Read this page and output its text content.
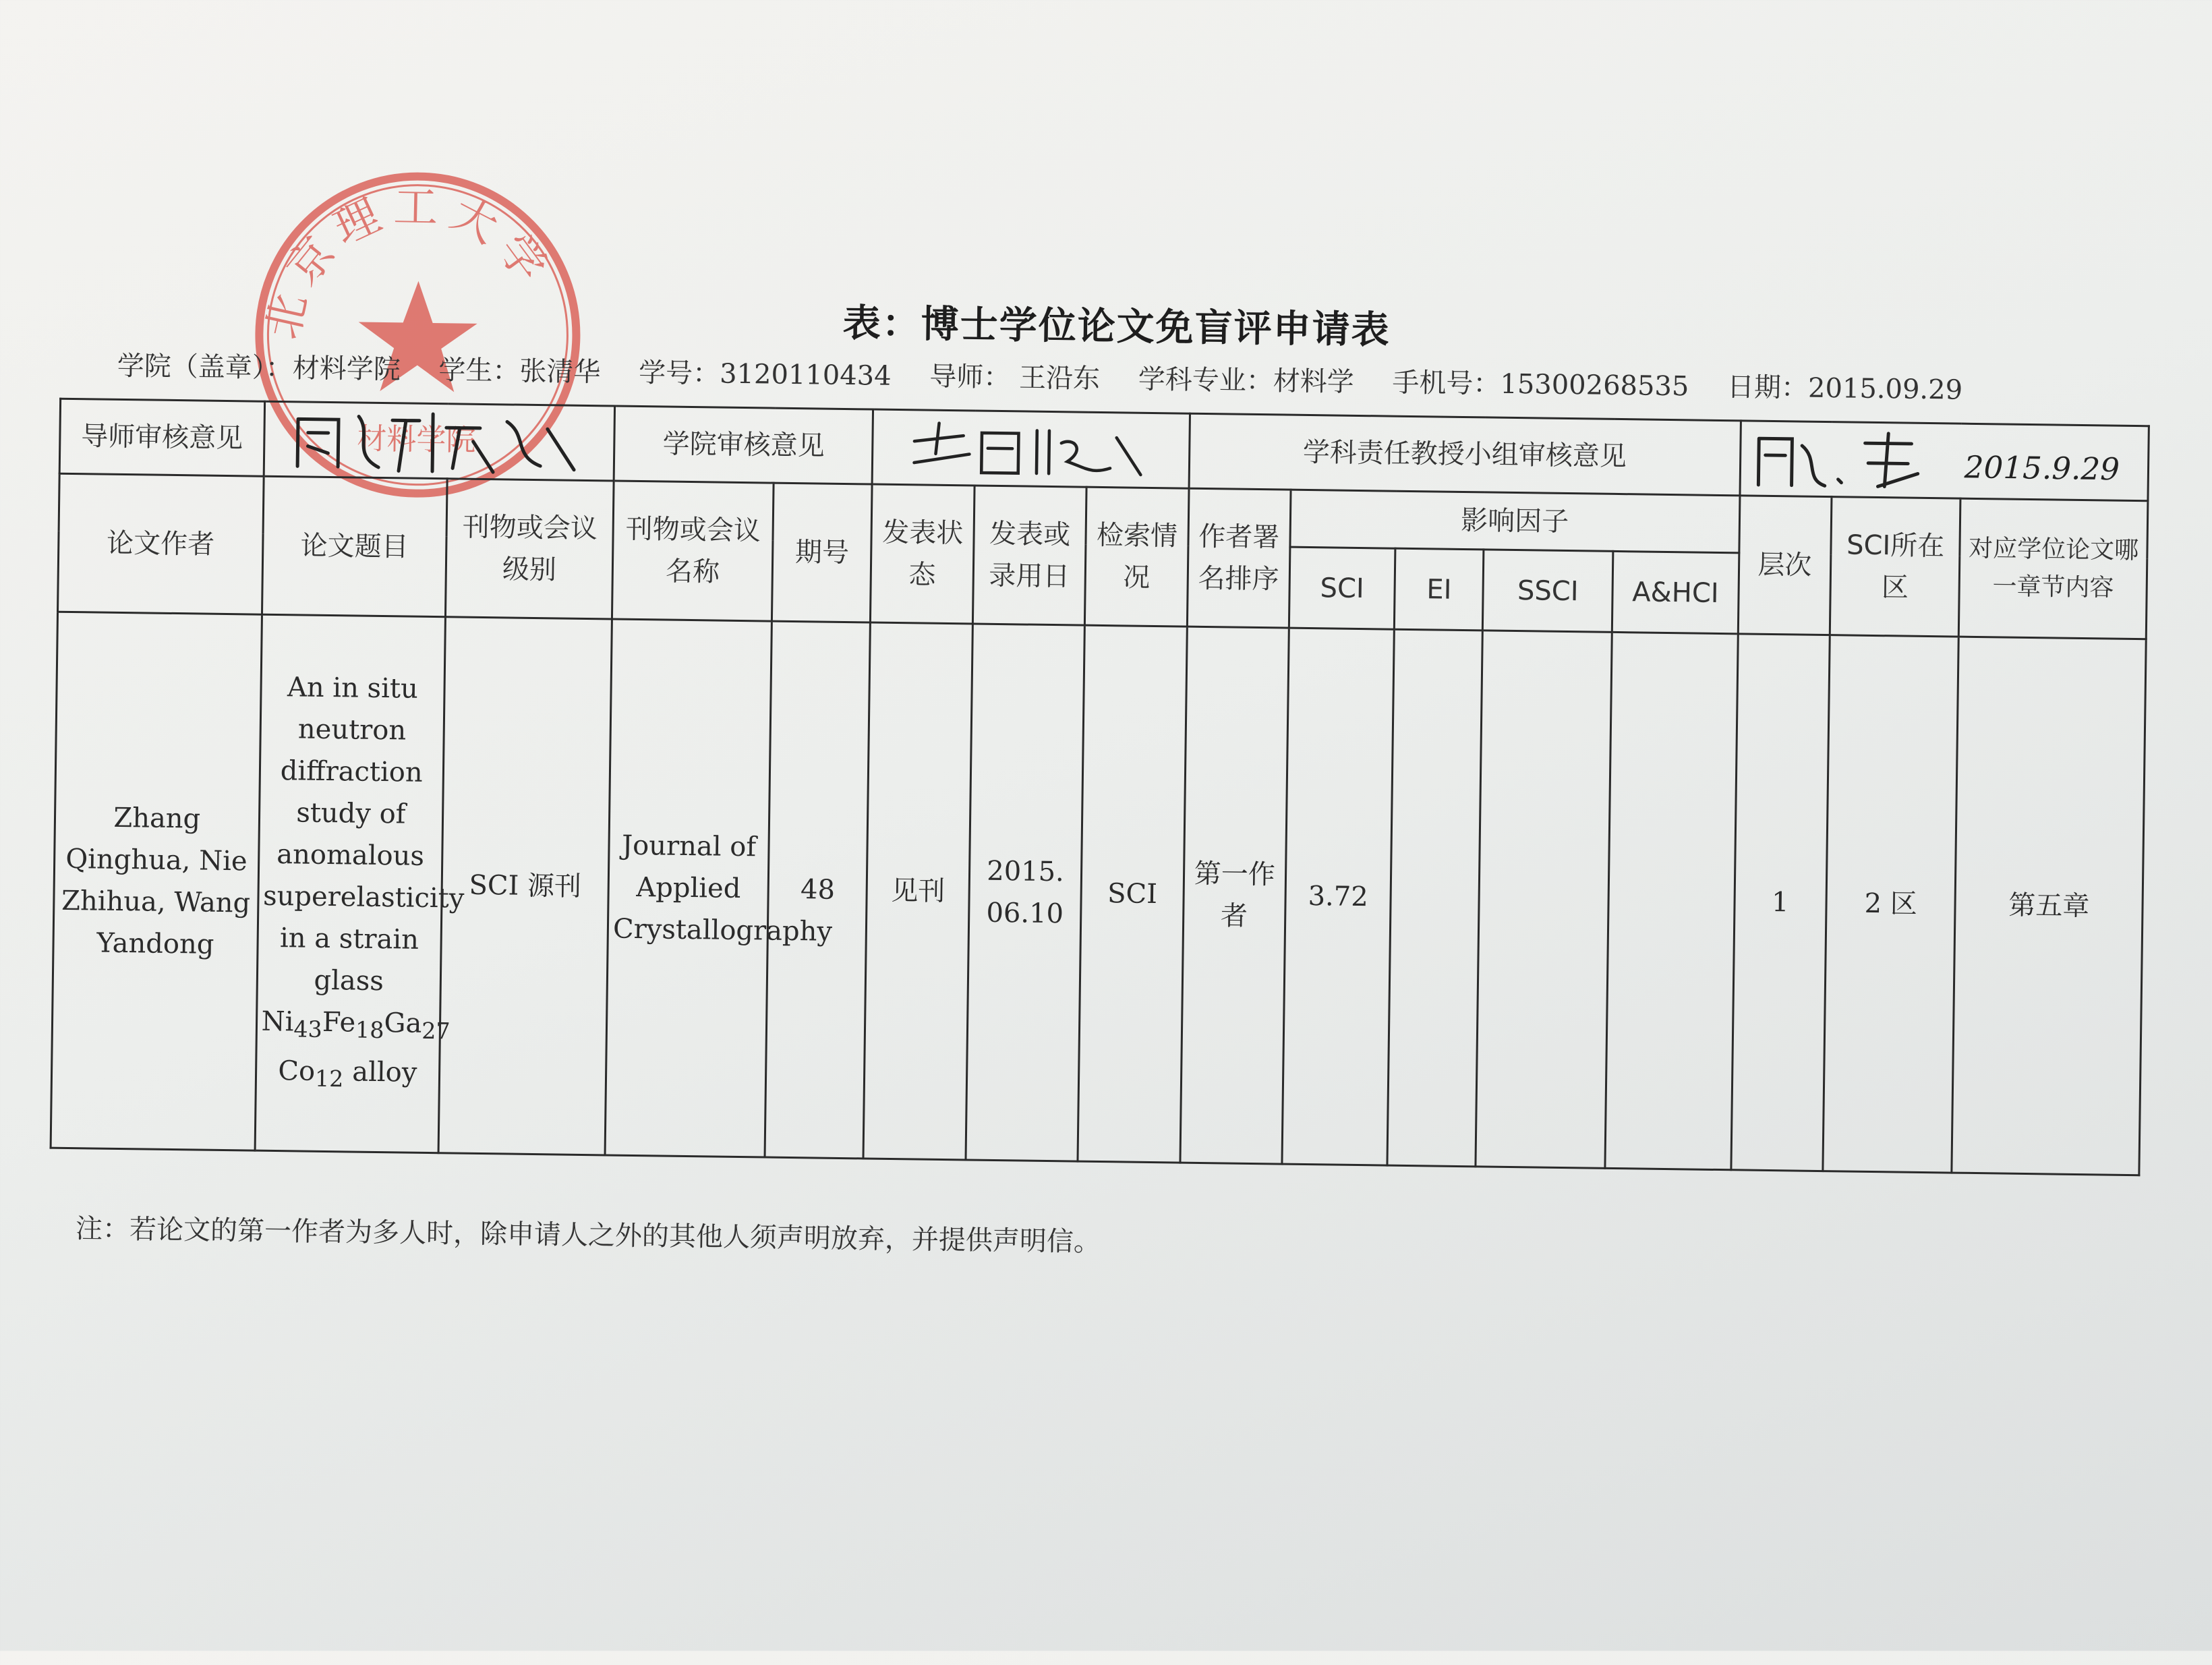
北京理工大学
材料学院
表：博士学位论文免盲评申请表
学院（盖章）：材料学院 学生：张清华 学号：3120110434 导师： 王沿东 学科专业：材料学 手机号：15300268535 日期：2015.09.29
导师审核意见			学院审核意见					学科责任教授小组审核意见					2015.9.29		

论文作者	论文题目	刊物或会议级别	刊物或会议名称	期号	发表状态	发表或录用日	检索情况	作者署名排序	影响因子				层次	SCI所在区	对应学位论文哪一章节内容
									SCI	EI	SSCI	A&HCI			
Zhang Qinghua, Nie Zhihua, Wang Yandong	An in situ neutron diffraction study of anomalous superelasticity in a strain glass $Ni_{43}Fe_{18}Ga_{27}$ $Co_{12}$ alloy	SCI 源刊	Journal of Applied Crystallography	48	见刊	2015. 06.10	SCI	第一作者	3.72				1	2 区	第五章
注：若论文的第一作者为多人时，除申请人之外的其他人须声明放弃，并提供声明信。
